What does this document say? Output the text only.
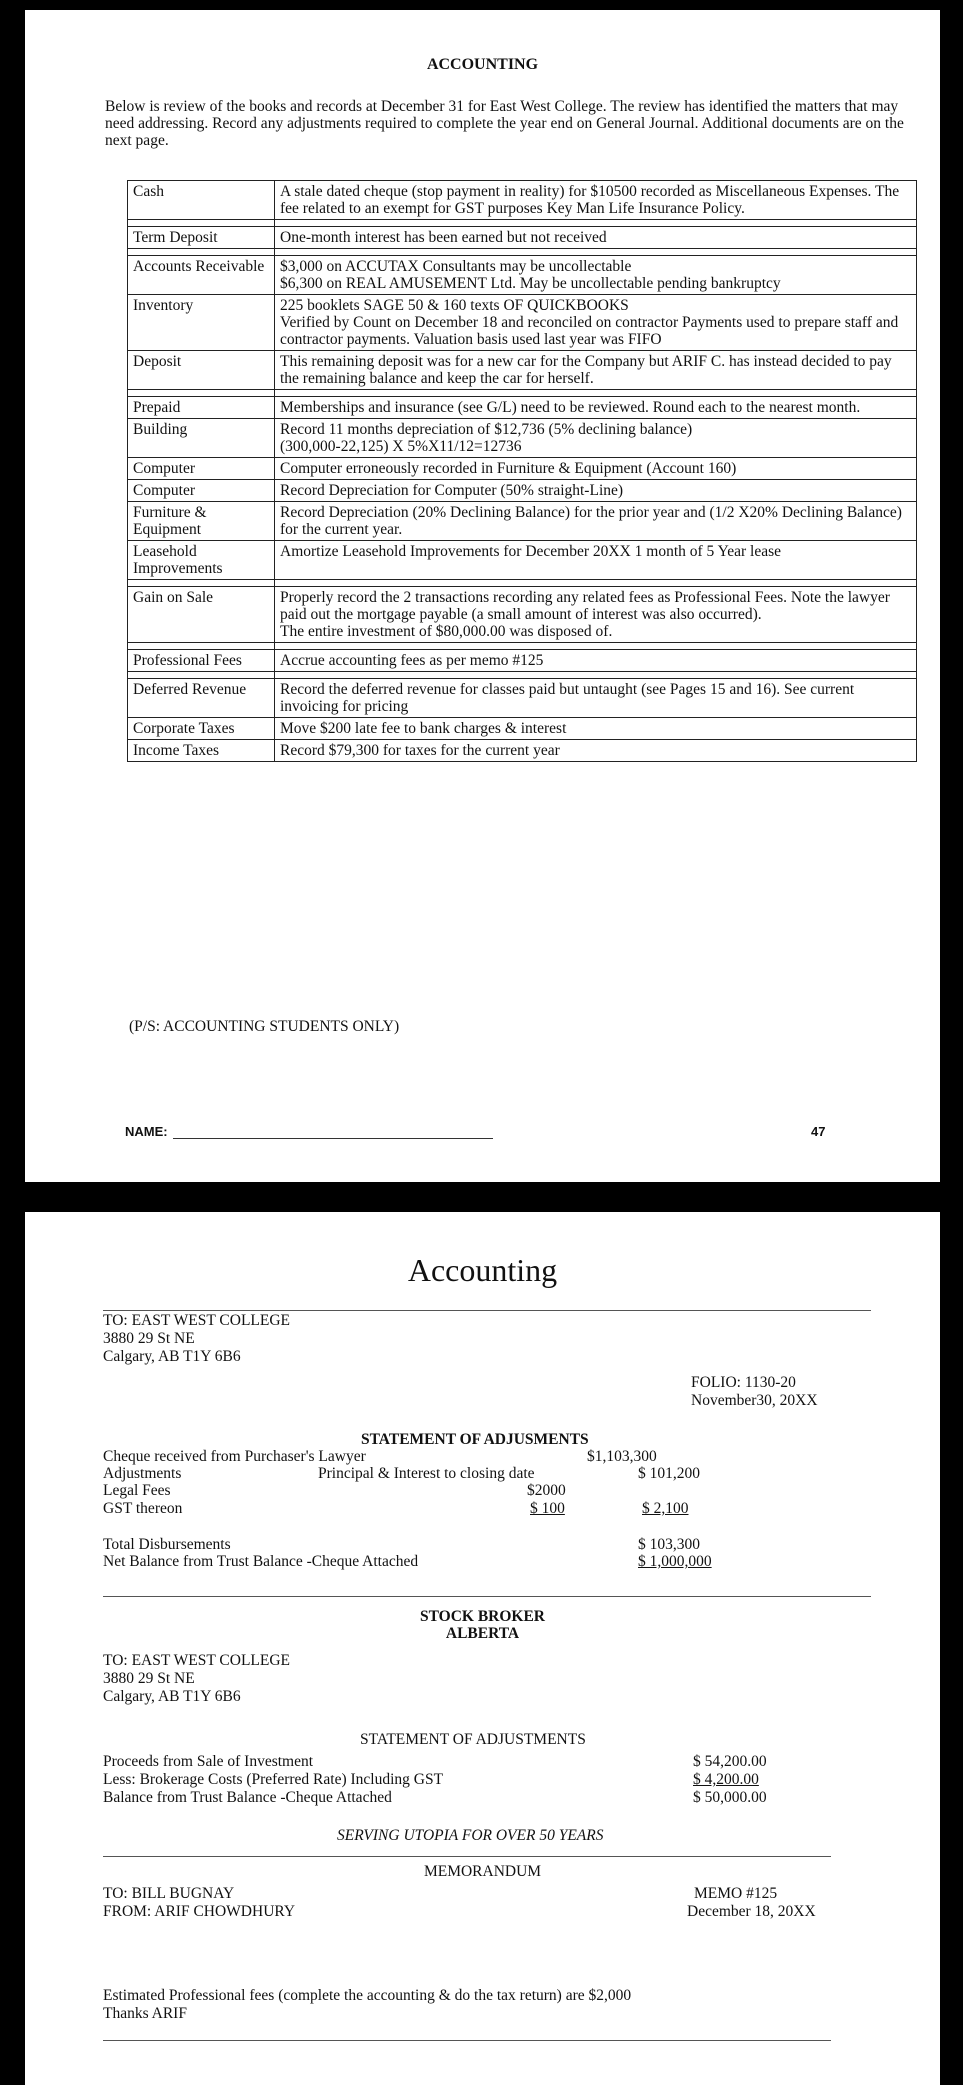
ACCOUNTING
Below is review of the books and records at December 31 for East West College. The review has identified the matters that may need addressing. Record any adjustments required to complete the year end on General Journal. Additional documents are on the next page.
Cash	A stale dated cheque (stop payment in reality) for $10500 recorded as Miscellaneous Expenses. The fee related to an exempt for GST purposes Key Man Life Insurance Policy.

Term Deposit	One-month interest has been earned but not received

Accounts Receivable	$3,000 on ACCUTAX Consultants may be uncollectable
$6,300 on REAL AMUSEMENT Ltd. May be uncollectable pending bankruptcy
Inventory	225 booklets SAGE 50 & 160 texts OF QUICKBOOKS
Verified by Count on December 18 and reconciled on contractor Payments used to prepare staff and contractor payments. Valuation basis used last year was FIFO
Deposit	This remaining deposit was for a new car for the Company but ARIF C. has instead decided to pay the remaining balance and keep the car for herself.

Prepaid	Memberships and insurance (see G/L) need to be reviewed. Round each to the nearest month.
Building	Record 11 months depreciation of $12,736 (5% declining balance)
(300,000-22,125) X 5%X11/12=12736
Computer	Computer erroneously recorded in Furniture & Equipment (Account 160)
Computer	Record Depreciation for Computer (50% straight-Line)
Furniture & Equipment	Record Depreciation (20% Declining Balance) for the prior year and (1/2 X20% Declining Balance) for the current year.
Leasehold Improvements	Amortize Leasehold Improvements for December 20XX 1 month of 5 Year lease

Gain on Sale	Properly record the 2 transactions recording any related fees as Professional Fees. Note the lawyer paid out the mortgage payable (a small amount of interest was also occurred).
The entire investment of $80,000.00 was disposed of.

Professional Fees	Accrue accounting fees as per memo #125

Deferred Revenue	Record the deferred revenue for classes paid but untaught (see Pages 15 and 16). See current invoicing for pricing
Corporate Taxes	Move $200 late fee to bank charges & interest
Income Taxes	Record $79,300 for taxes for the current year
(P/S: ACCOUNTING STUDENTS ONLY)
NAME:	47
-
Accounting
TO: EAST WEST COLLEGE
3880 29 St NE
Calgary, AB T1Y 6B6
FOLIO: 1130-20
November30, 20XX
STATEMENT OF ADJUSMENTS
Cheque received from Purchaser's Lawyer	$1,103,300
Adjustments	Principal & Interest to closing date	$ 101,200
Legal Fees	$2000
GST thereon	$ 100	$ 2,100
Total Disbursements	$ 103,300
Net Balance from Trust Balance -Cheque Attached	$ 1,000,000
STOCK BROKER
ALBERTA
TO: EAST WEST COLLEGE
3880 29 St NE
Calgary, AB T1Y 6B6
STATEMENT OF ADJUSTMENTS
Proceeds from Sale of Investment	$ 54,200.00
Less: Brokerage Costs (Preferred Rate) Including GST	$ 4,200.00
Balance from Trust Balance -Cheque Attached	$ 50,000.00
SERVING UTOPIA FOR OVER 50 YEARS
MEMORANDUM
TO: BILL BUGNAY
FROM: ARIF CHOWDHURY
MEMO #125
December 18, 20XX
Estimated Professional fees (complete the accounting & do the tax return) are $2,000
Thanks ARIF
